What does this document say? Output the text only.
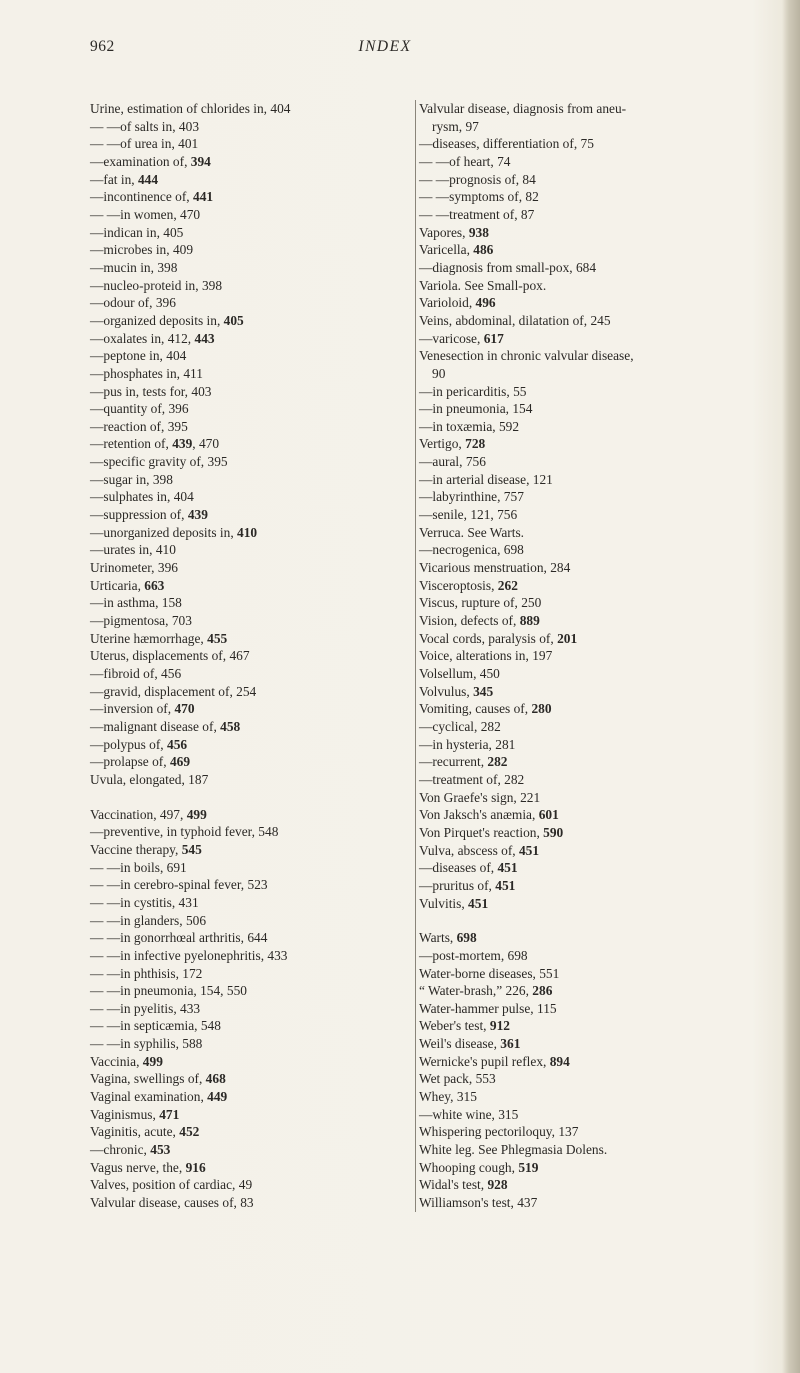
962	INDEX
Urine, estimation of chlorides in, 404
— —of salts in, 403
— —of urea in, 401
—examination of, 394
—fat in, 444
—incontinence of, 441
— —in women, 470
—indican in, 405
—microbes in, 409
—mucin in, 398
—nucleo-proteid in, 398
—odour of, 396
—organized deposits in, 405
—oxalates in, 412, 443
—peptone in, 404
—phosphates in, 411
—pus in, tests for, 403
—quantity of, 396
—reaction of, 395
—retention of, 439, 470
—specific gravity of, 395
—sugar in, 398
—sulphates in, 404
—suppression of, 439
—unorganized deposits in, 410
—urates in, 410
Urinometer, 396
Urticaria, 663
—in asthma, 158
—pigmentosa, 703
Uterine hæmorrhage, 455
Uterus, displacements of, 467
—fibroid of, 456
—gravid, displacement of, 254
—inversion of, 470
—malignant disease of, 458
—polypus of, 456
—prolapse of, 469
Uvula, elongated, 187
Vaccination, 497, 499
—preventive, in typhoid fever, 548
Vaccine therapy, 545
— —in boils, 691
— —in cerebro-spinal fever, 523
— —in cystitis, 431
— —in glanders, 506
— —in gonorrhœal arthritis, 644
— —in infective pyelonephritis, 433
— —in phthisis, 172
— —in pneumonia, 154, 550
— —in pyelitis, 433
— —in septicæmia, 548
— —in syphilis, 588
Vaccinia, 499
Vagina, swellings of, 468
Vaginal examination, 449
Vaginismus, 471
Vaginitis, acute, 452
—chronic, 453
Vagus nerve, the, 916
Valves, position of cardiac, 49
Valvular disease, causes of, 83
Valvular disease, diagnosis from aneu-
rysm, 97
—diseases, differentiation of, 75
— —of heart, 74
— —prognosis of, 84
— —symptoms of, 82
— —treatment of, 87
Vapores, 938
Varicella, 486
—diagnosis from small-pox, 684
Variola. See Small-pox.
Varioloid, 496
Veins, abdominal, dilatation of, 245
—varicose, 617
Venesection in chronic valvular disease,
90
—in pericarditis, 55
—in pneumonia, 154
—in toxæmia, 592
Vertigo, 728
—aural, 756
—in arterial disease, 121
—labyrinthine, 757
—senile, 121, 756
Verruca. See Warts.
—necrogenica, 698
Vicarious menstruation, 284
Visceroptosis, 262
Viscus, rupture of, 250
Vision, defects of, 889
Vocal cords, paralysis of, 201
Voice, alterations in, 197
Volsellum, 450
Volvulus, 345
Vomiting, causes of, 280
—cyclical, 282
—in hysteria, 281
—recurrent, 282
—treatment of, 282
Von Graefe's sign, 221
Von Jaksch's anæmia, 601
Von Pirquet's reaction, 590
Vulva, abscess of, 451
—diseases of, 451
—pruritus of, 451
Vulvitis, 451
Warts, 698
—post-mortem, 698
Water-borne diseases, 551
“ Water-brash,” 226, 286
Water-hammer pulse, 115
Weber's test, 912
Weil's disease, 361
Wernicke's pupil reflex, 894
Wet pack, 553
Whey, 315
—white wine, 315
Whispering pectoriloquy, 137
White leg. See Phlegmasia Dolens.
Whooping cough, 519
Widal's test, 928
Williamson's test, 437
